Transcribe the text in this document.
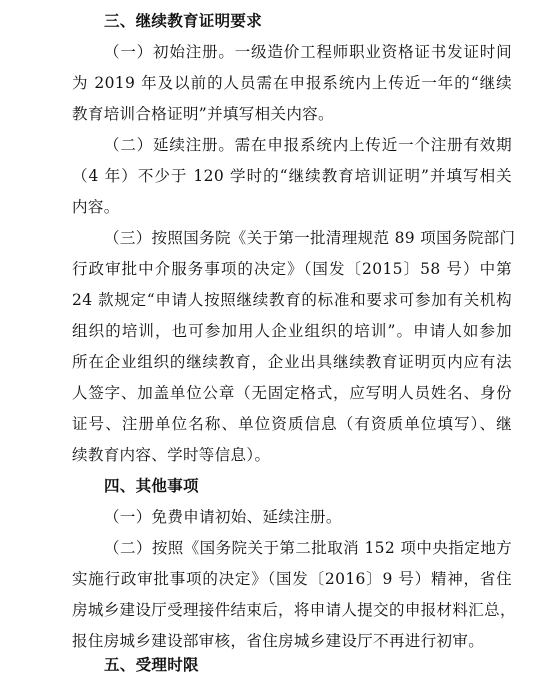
三、继续教育证明要求
（一）初始注册。一级造价工程师职业资格证书发证时间
为 2019 年及以前的人员需在申报系统内上传近一年的“继续
教育培训合格证明”并填写相关内容。
（二）延续注册。需在申报系统内上传近一个注册有效期
（4 年）不少于 120 学时的“继续教育培训证明”并填写相关
内容。
（三）按照国务院《关于第一批清理规范 89 项国务院部门
行政审批中介服务事项的决定》（国发〔2015〕58 号）中第
24 款规定“申请人按照继续教育的标准和要求可参加有关机构
组织的培训，也可参加用人企业组织的培训”。申请人如参加
所在企业组织的继续教育，企业出具继续教育证明页内应有法
人签字、加盖单位公章（无固定格式，应写明人员姓名、身份
证号、注册单位名称、单位资质信息（有资质单位填写）、继
续教育内容、学时等信息）。
四、其他事项
（一）免费申请初始、延续注册。
（二）按照《国务院关于第二批取消 152 项中央指定地方
实施行政审批事项的决定》（国发〔2016〕9 号）精神，省住
房城乡建设厅受理接件结束后，将申请人提交的申报材料汇总，
报住房城乡建设部审核，省住房城乡建设厅不再进行初审。
五、受理时限
